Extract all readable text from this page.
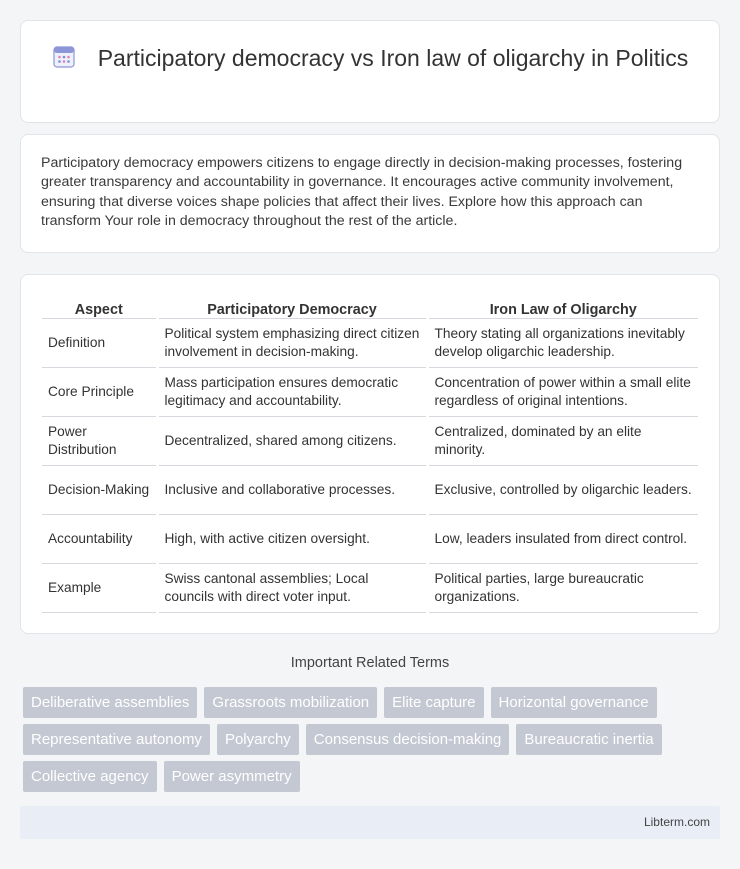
Participatory democracy vs Iron law of oligarchy in Politics

Participatory democracy empowers citizens to engage directly in decision-making processes, fostering greater transparency and accountability in governance. It encourages active community involvement, ensuring that diverse voices shape policies that affect their lives. Explore how this approach can transform Your role in democracy throughout the rest of the article.

Aspect	Participatory Democracy	Iron Law of Oligarchy
Definition	Political system emphasizing direct citizen involvement in decision-making.	Theory stating all organizations inevitably develop oligarchic leadership.
Core Principle	Mass participation ensures democratic legitimacy and accountability.	Concentration of power within a small elite regardless of original intentions.
Power Distribution	Decentralized, shared among citizens.	Centralized, dominated by an elite minority.
Decision-Making	Inclusive and collaborative processes.	Exclusive, controlled by oligarchic leaders.
Accountability	High, with active citizen oversight.	Low, leaders insulated from direct control.
Example	Swiss cantonal assemblies; Local councils with direct voter input.	Political parties, large bureaucratic organizations.
Important Related Terms
Deliberative assemblies	Grassroots mobilization	Elite capture	Horizontal governance
Representative autonomy	Polyarchy	Consensus decision-making	Bureaucratic inertia
Collective agency	Power asymmetry
Libterm.com
